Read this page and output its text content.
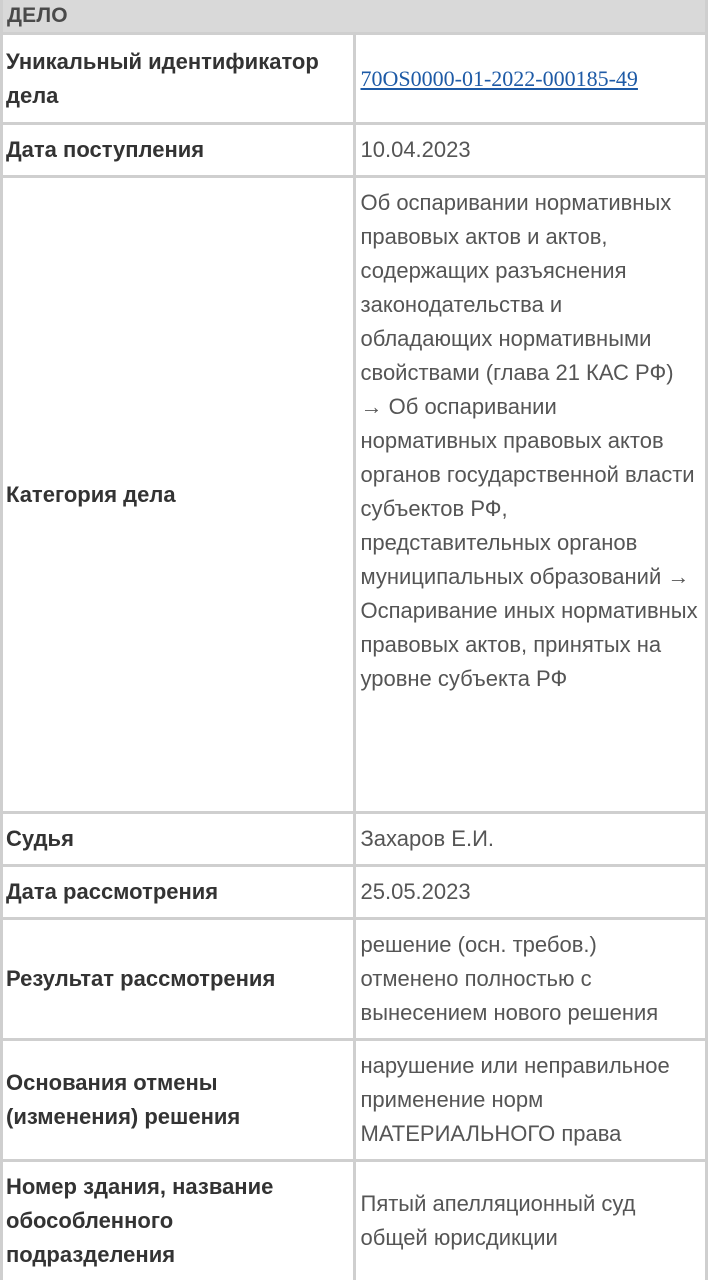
ДЕЛО	
Уникальный идентификатор дела	70OS0000-01-2022-000185-49
Дата поступления	10.04.2023
Категория дела	Об оспаривании нормативных правовых актов и актов, содержащих разъяснения законодательства и обладающих нормативными свойствами (глава 21 КАС РФ) → Об оспаривании нормативных правовых актов органов государственной власти субъектов РФ, представительных органов муниципальных образований → Оспаривание иных нормативных правовых актов, принятых на уровне субъекта РФ
Судья	Захаров Е.И.
Дата рассмотрения	25.05.2023
Результат рассмотрения	решение (осн. требов.) отменено полностью с вынесением нового решения
Основания отмены (изменения) решения	нарушение или неправильное применение норм МАТЕРИАЛЬНОГО права
Номер здания, название обособленного подразделения	Пятый апелляционный суд общей юрисдикции
